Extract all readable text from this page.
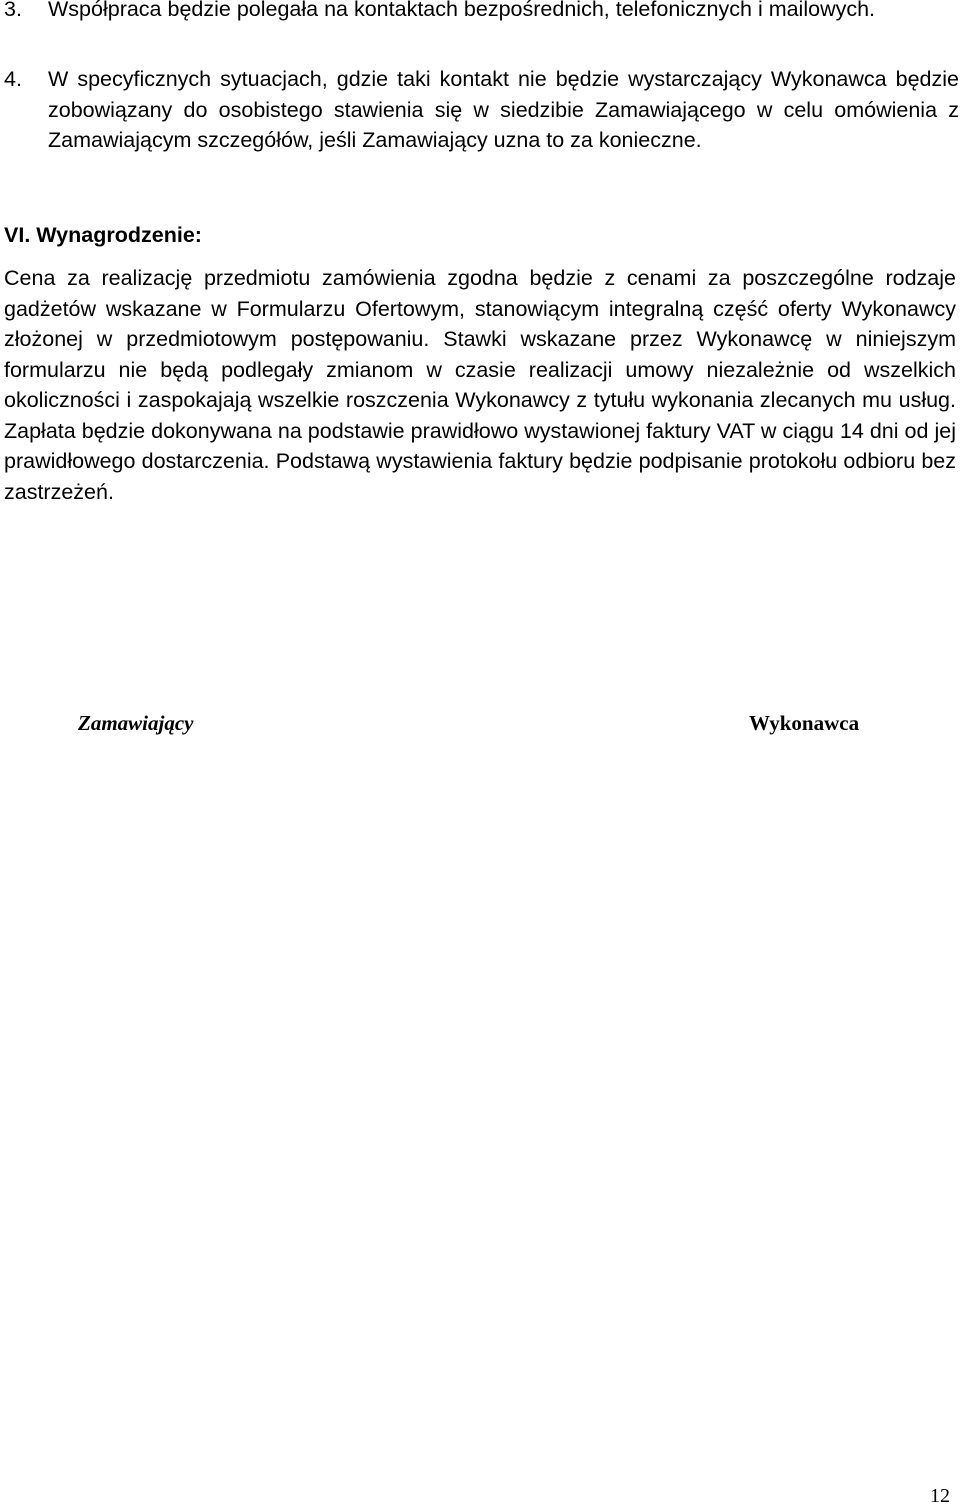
3. Współpraca będzie polegała na kontaktach bezpośrednich, telefonicznych i mailowych.
4. W specyficznych sytuacjach, gdzie taki kontakt nie będzie wystarczający Wykonawca będzie zobowiązany do osobistego stawienia się w siedzibie Zamawiającego w celu omówienia z Zamawiającym szczegółów, jeśli Zamawiający uzna to za konieczne.
VI. Wynagrodzenie:
Cena za realizację przedmiotu zamówienia zgodna będzie z cenami za poszczególne rodzaje gadżetów wskazane w Formularzu Ofertowym, stanowiącym integralną część oferty Wykonawcy złożonej w przedmiotowym postępowaniu. Stawki wskazane przez Wykonawcę w niniejszym formularzu nie będą podlegały zmianom w czasie realizacji umowy niezależnie od wszelkich okoliczności i zaspokajają wszelkie roszczenia Wykonawcy z tytułu wykonania zlecanych mu usług. Zapłata będzie dokonywana na podstawie prawidłowo wystawionej faktury VAT w ciągu 14 dni od jej prawidłowego dostarczenia. Podstawą wystawienia faktury będzie podpisanie protokołu odbioru bez zastrzeżeń.
Zamawiający	Wykonawca
12
